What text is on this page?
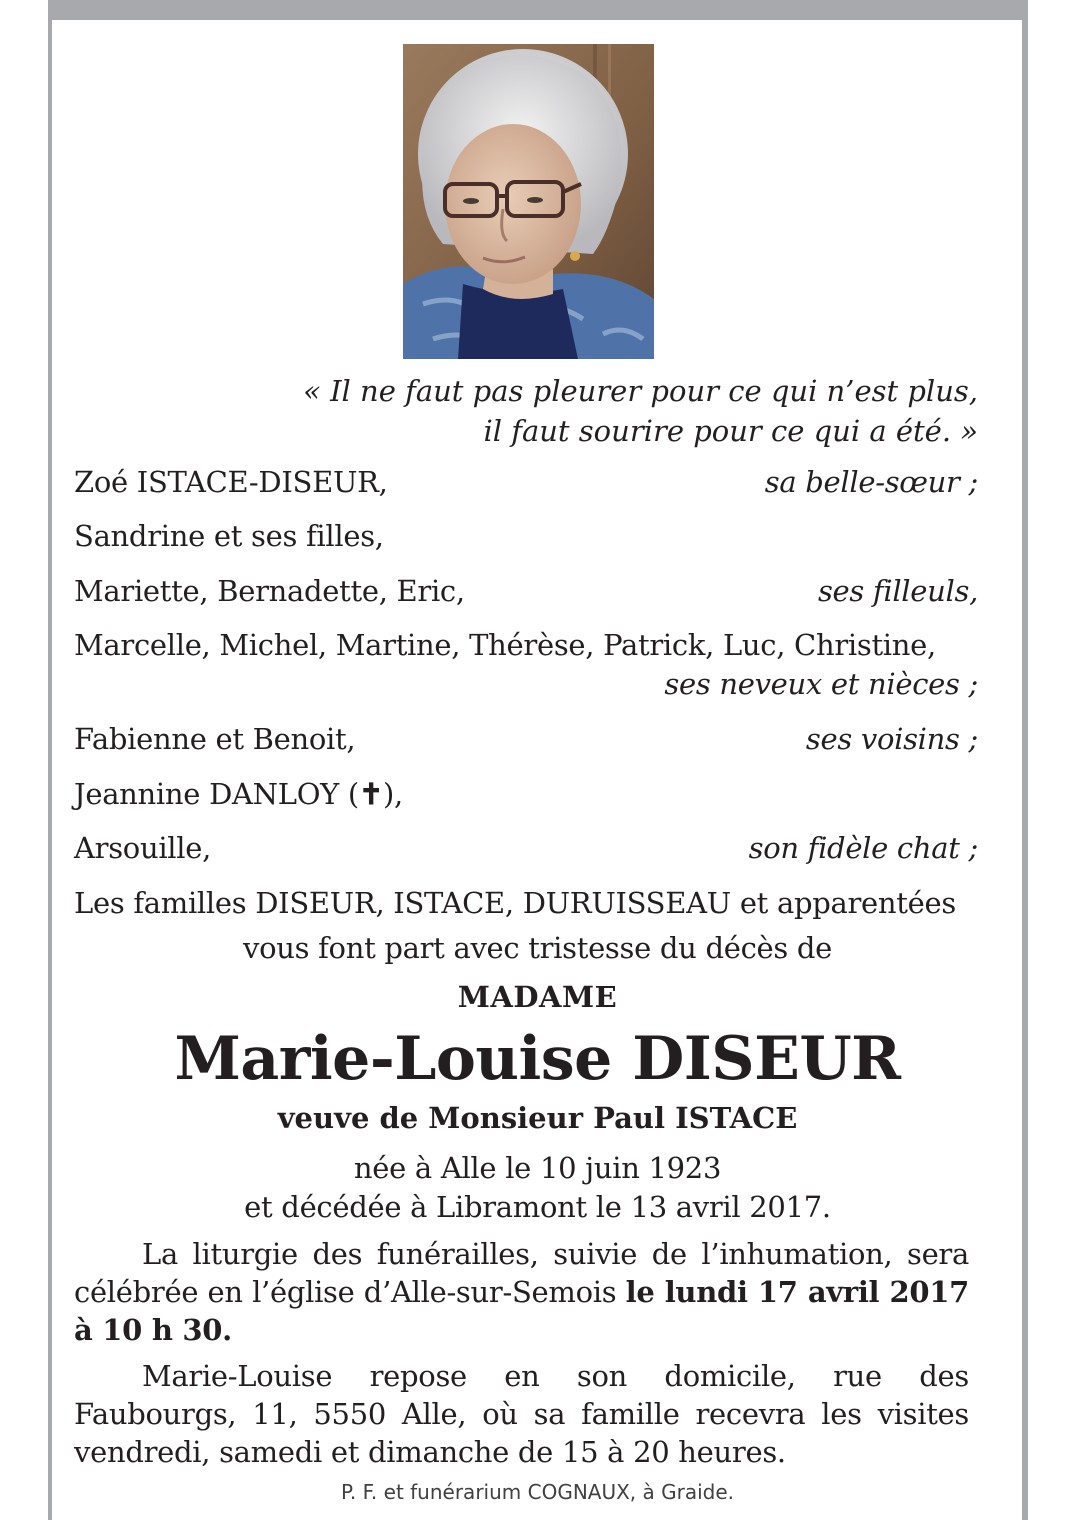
« Il ne faut pas pleurer pour ce qui n’est plus,
il faut sourire pour ce qui a été. »
Zoé ISTACE-DISEUR,	sa belle-sœur ;
Sandrine et ses filles,
Mariette, Bernadette, Eric,	ses filleuls,
Marcelle, Michel, Martine, Thérèse, Patrick, Luc, Christine,
ses neveux et nièces ;
Fabienne et Benoit,	ses voisins ;
Jeannine DANLOY (✝),
Arsouille,	son fidèle chat ;
Les familles DISEUR, ISTACE, DURUISSEAU et apparentées
vous font part avec tristesse du décès de
MADAME
Marie-Louise DISEUR
veuve de Monsieur Paul ISTACE
née à Alle le 10 juin 1923
et décédée à Libramont le 13 avril 2017.
La liturgie des funérailles, suivie de l’inhumation, sera célébrée en l’église d’Alle-sur-Semois le lundi 17 avril 2017 à 10 h 30.
Marie-Louise repose en son domicile, rue des Faubourgs, 11, 5550 Alle, où sa famille recevra les visites vendredi, samedi et dimanche de 15 à 20 heures.
P. F. et funérarium COGNAUX, à Graide.
